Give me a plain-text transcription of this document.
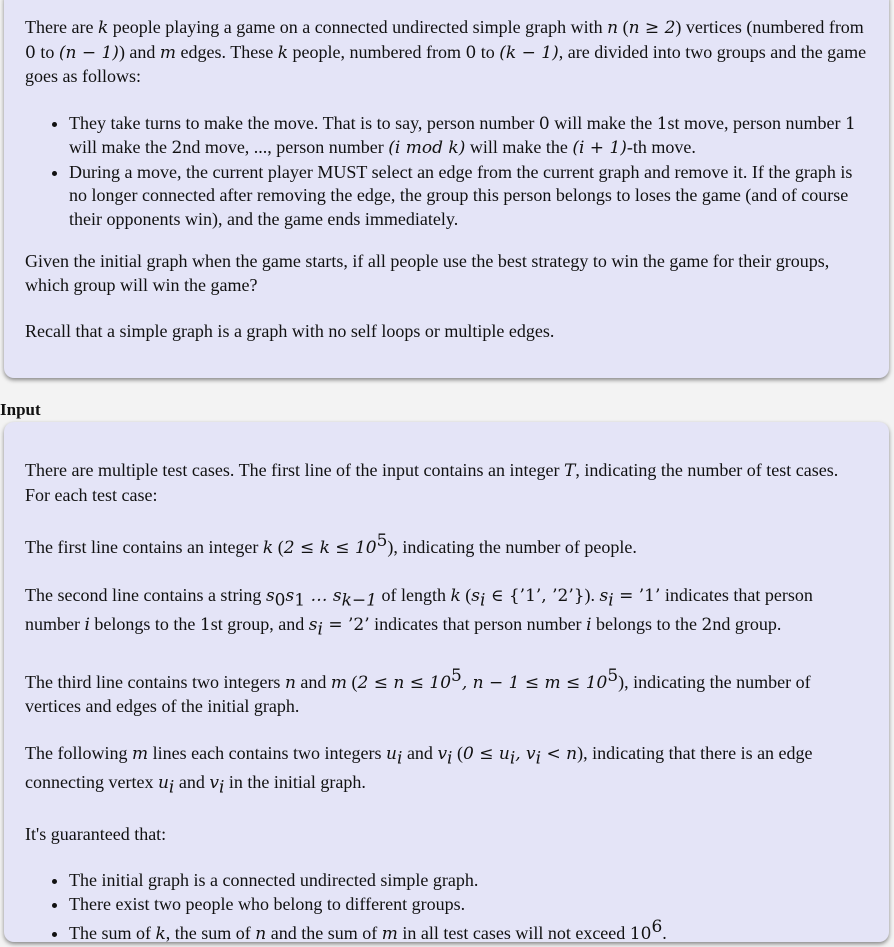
There are k people playing a game on a connected undirected simple graph with n (n ≥ 2) vertices (numbered from 0 to (n − 1)) and m edges. These k people, numbered from 0 to (k − 1), are divided into two groups and the game goes as follows:

• They take turns to make the move. That is to say, person number 0 will make the 1st move, person number 1 will make the 2nd move, ..., person number (i mod k) will make the (i + 1)-th move.
• During a move, the current player MUST select an edge from the current graph and remove it. If the graph is no longer connected after removing the edge, the group this person belongs to loses the game (and of course their opponents win), and the game ends immediately.

Given the initial graph when the game starts, if all people use the best strategy to win the game for their groups, which group will win the game?

Recall that a simple graph is a graph with no self loops or multiple edges.

Input

There are multiple test cases. The first line of the input contains an integer T, indicating the number of test cases. For each test case:

The first line contains an integer k $(2 \le k \le 10^5)$, indicating the number of people.

The second line contains a string $s_0s_1$ … $s_{k-1}$ of length k ($s_i$ ∈ {’1’, ’2’}). $s_i$ = ’1’ indicates that person number i belongs to the 1st group, and $s_i$ = ’2’ indicates that person number i belongs to the 2nd group.

The third line contains two integers n and m ($2 \le n \le 10^5$, $n - 1 \le m \le 10^5$), indicating the number of vertices and edges of the initial graph.

The following m lines each contains two integers $u_i$ and $v_i$ ($0 \le u_i$, $v_i < n$), indicating that there is an edge connecting vertex $u_i$ and $v_i$ in the initial graph.

It's guaranteed that:

• The initial graph is a connected undirected simple graph.
• There exist two people who belong to different groups.
• The sum of k, the sum of n and the sum of m in all test cases will not exceed $10^6$.
